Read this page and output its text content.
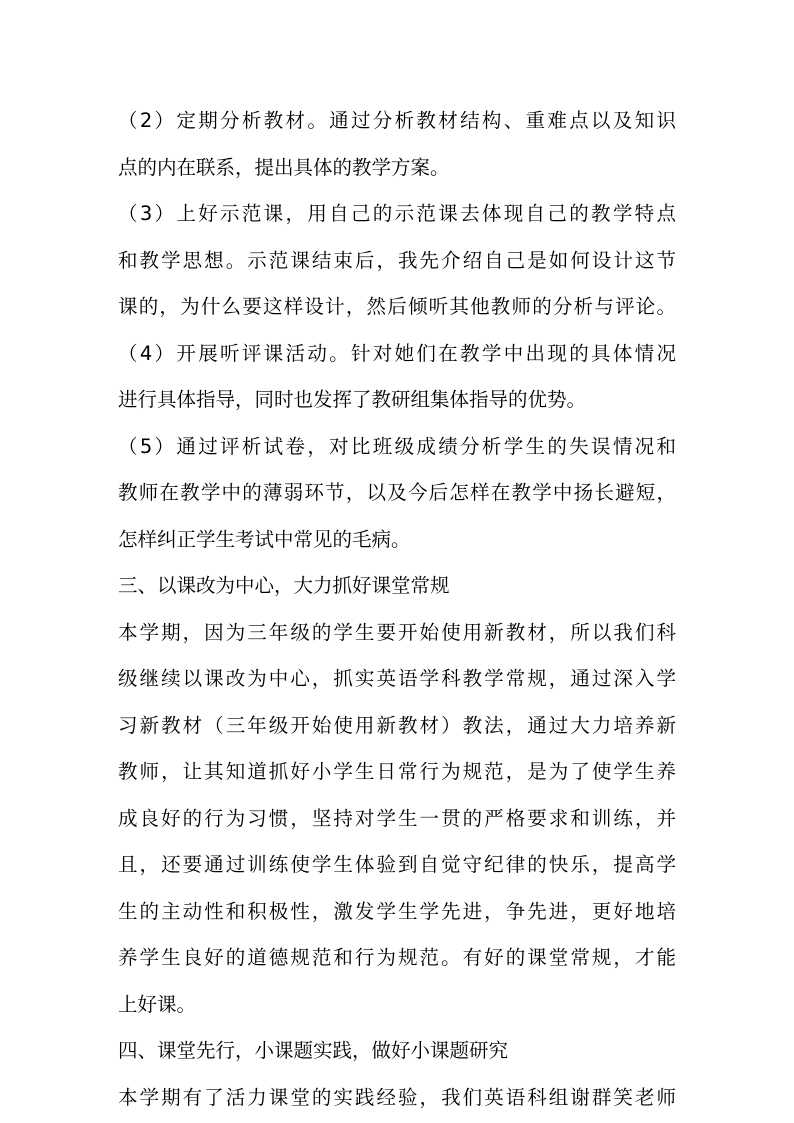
（2）定期分析教材。通过分析教材结构、重难点以及知识
点的内在联系，提出具体的教学方案。
（3）上好示范课，用自己的示范课去体现自己的教学特点
和教学思想。示范课结束后，我先介绍自己是如何设计这节
课的，为什么要这样设计，然后倾听其他教师的分析与评论。
（4）开展听评课活动。针对她们在教学中出现的具体情况
进行具体指导，同时也发挥了教研组集体指导的优势。
（5）通过评析试卷，对比班级成绩分析学生的失误情况和
教师在教学中的薄弱环节，以及今后怎样在教学中扬长避短，
怎样纠正学生考试中常见的毛病。
三、以课改为中心，大力抓好课堂常规
本学期，因为三年级的学生要开始使用新教材，所以我们科
级继续以课改为中心，抓实英语学科教学常规，通过深入学
习新教材（三年级开始使用新教材）教法，通过大力培养新
教师，让其知道抓好小学生日常行为规范，是为了使学生养
成良好的行为习惯，坚持对学生一贯的严格要求和训练，并
且，还要通过训练使学生体验到自觉守纪律的快乐，提高学
生的主动性和积极性，激发学生学先进，争先进，更好地培
养学生良好的道德规范和行为规范。有好的课堂常规，才能
上好课。
四、课堂先行，小课题实践，做好小课题研究
本学期有了活力课堂的实践经验，我们英语科组谢群笑老师
